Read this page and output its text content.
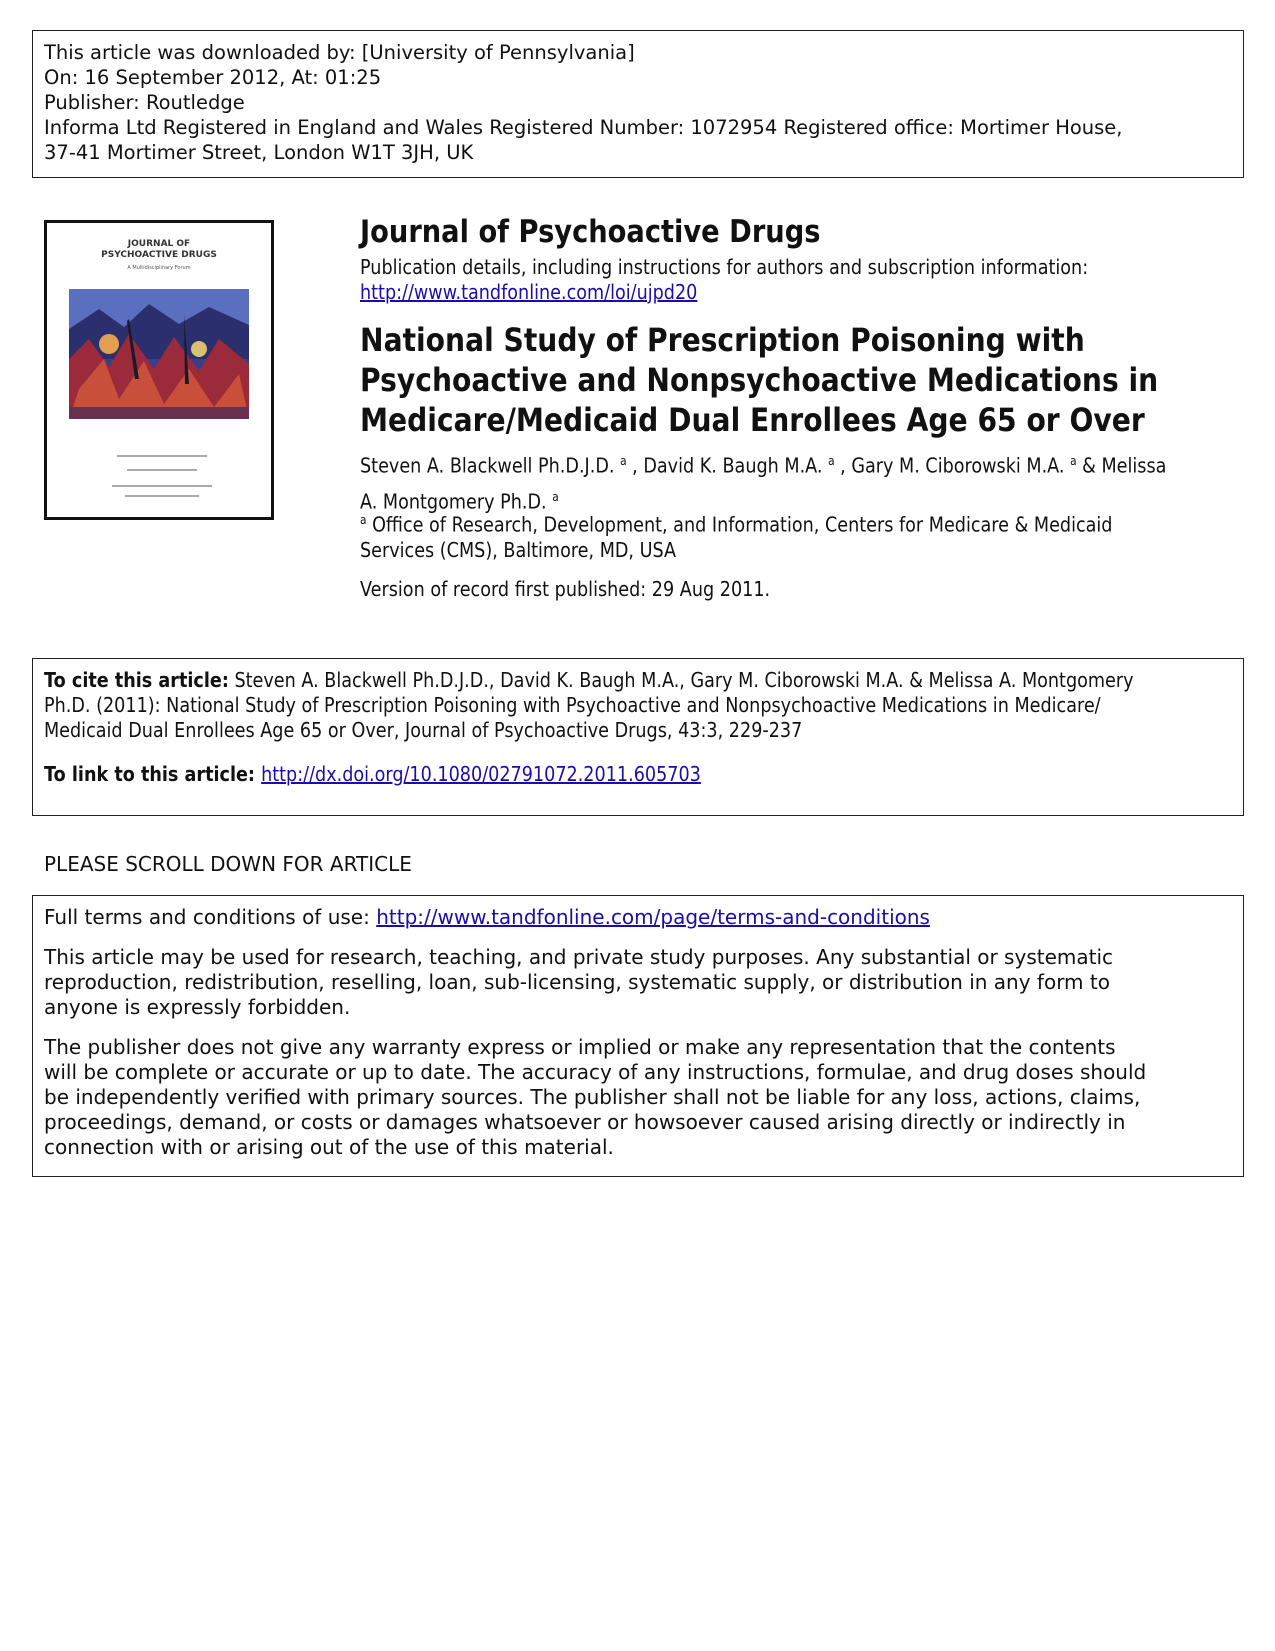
This article was downloaded by: [University of Pennsylvania]
On: 16 September 2012, At: 01:25
Publisher: Routledge
Informa Ltd Registered in England and Wales Registered Number: 1072954 Registered office: Mortimer House,
37-41 Mortimer Street, London W1T 3JH, UK
JOURNAL OF
PSYCHOACTIVE DRUGS
A Multidisciplinary Forum
Journal of Psychoactive Drugs
Publication details, including instructions for authors and subscription information:
http://www.tandfonline.com/loi/ujpd20
National Study of Prescription Poisoning with
Psychoactive and Nonpsychoactive Medications in
Medicare/Medicaid Dual Enrollees Age 65 or Over
Steven A. Blackwell Ph.D.J.D. $^a$ , David K. Baugh M.A. $^a$ , Gary M. Ciborowski M.A. $^a$ & Melissa
A. Montgomery Ph.D. $^a$
$^a$ Office of Research, Development, and Information, Centers for Medicare & Medicaid
Services (CMS), Baltimore, MD, USA
Version of record first published: 29 Aug 2011.
To cite this article: Steven A. Blackwell Ph.D.J.D., David K. Baugh M.A., Gary M. Ciborowski M.A. & Melissa A. Montgomery
Ph.D. (2011): National Study of Prescription Poisoning with Psychoactive and Nonpsychoactive Medications in Medicare/
Medicaid Dual Enrollees Age 65 or Over, Journal of Psychoactive Drugs, 43:3, 229-237
To link to this article: http://dx.doi.org/10.1080/02791072.2011.605703
PLEASE SCROLL DOWN FOR ARTICLE
Full terms and conditions of use: http://www.tandfonline.com/page/terms-and-conditions
This article may be used for research, teaching, and private study purposes. Any substantial or systematic
reproduction, redistribution, reselling, loan, sub-licensing, systematic supply, or distribution in any form to
anyone is expressly forbidden.
The publisher does not give any warranty express or implied or make any representation that the contents
will be complete or accurate or up to date. The accuracy of any instructions, formulae, and drug doses should
be independently verified with primary sources. The publisher shall not be liable for any loss, actions, claims,
proceedings, demand, or costs or damages whatsoever or howsoever caused arising directly or indirectly in
connection with or arising out of the use of this material.
